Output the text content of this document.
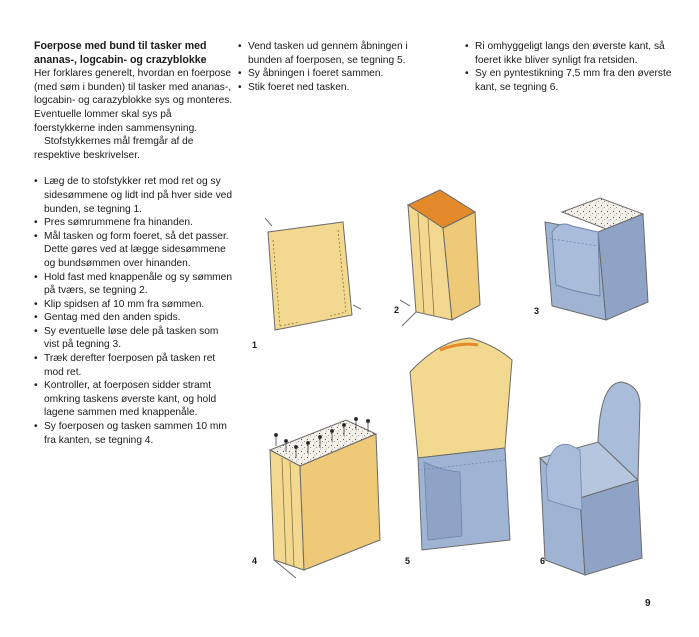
Foerpose med bund til tasker med ananas-, logcabin- og crazyblokke

Her forklares generelt, hvordan en foerpose (med søm i bunden) til tasker med ananas-, logcabin- og carazyblokke sys og monteres. Eventuelle lommer skal sys på foerstykkerne inden sammensyning.

Stofstykkernes mål fremgår af de respektive beskrivelser.

• Læg de to stofstykker ret mod ret og sy sidesømmene og lidt ind på hver side ved bunden, se tegning 1.
• Pres sømrummene fra hinanden.
• Mål tasken og form foeret, så det passer. Dette gøres ved at lægge sidesømmene og bundsømmen over hinanden.
• Hold fast med knappenåle og sy sømmen på tværs, se tegning 2.
• Klip spidsen af 10 mm fra sømmen.
• Gentag med den anden spids.
• Sy eventuelle løse dele på tasken som vist på tegning 3.
• Træk derefter foerposen på tasken ret mod ret.
• Kontroller, at foerposen sidder stramt omkring taskens øverste kant, og hold lagene sammen med knappenåle.
• Sy foerposen og tasken sammen 10 mm fra kanten, se tegning 4.
• Vend tasken ud gennem åbningen i bunden af foerposen, se tegning 5.
• Sy åbningen i foeret sammen.
• Stik foeret ned tasken.
• Ri omhyggeligt langs den øverste kant, så foeret ikke bliver synligt fra retsiden.
• Sy en pyntestikning 7,5 mm fra den øverste kant, se tegning 6.
1
2	3
4	5	6
9
